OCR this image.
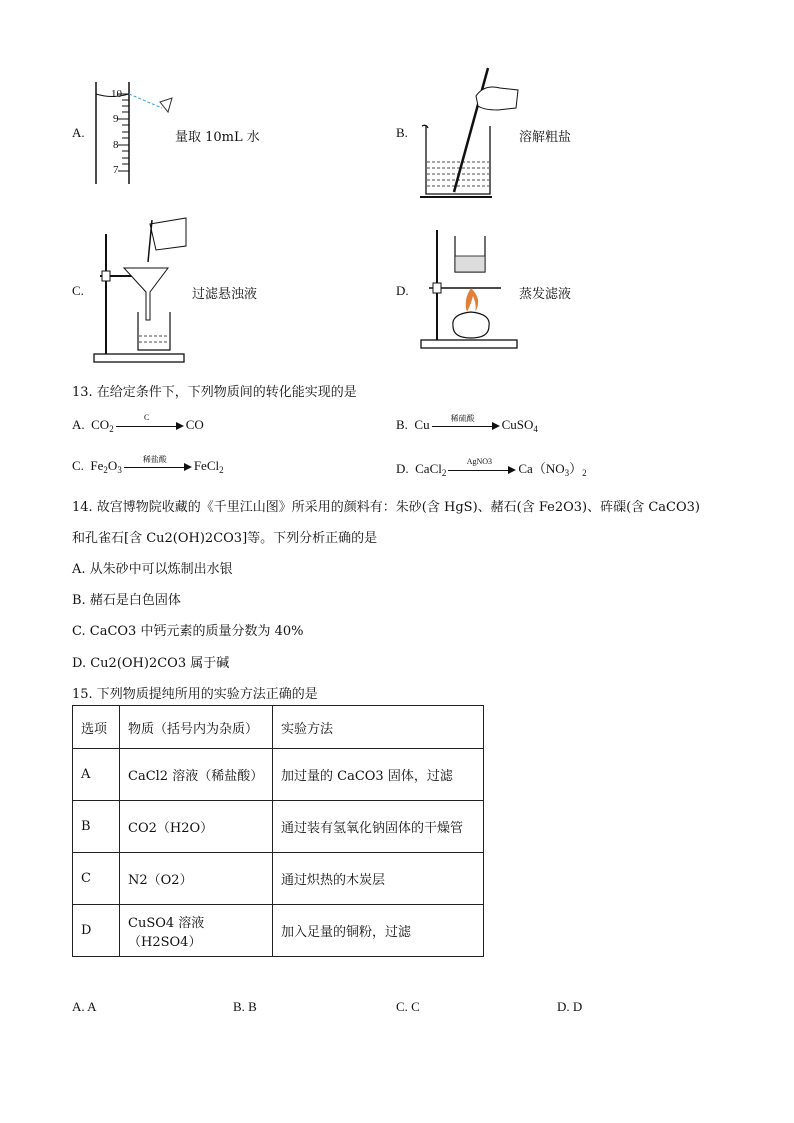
A.
10
9
8
7
量取 10mL 水	B.	溶解粗盐
C.	过滤悬浊液	D.	蒸发滤液
13. 在给定条件下，下列物质间的转化能实现的是
A.  $CO_2$
C	CO	B.  Cu	稀硫酸	CuSO$_4$
C.  $Fe_2O_3$
稀盐酸	FeCl$_2$	D.  CaCl$_2$
AgNO3	$Ca(NO_3)_2$
14. 故宫博物院收藏的《千里江山图》所采用的颜料有：朱砂(含 HgS)、赭石(含 Fe2O3)、砗磲(含 CaCO3)
和孔雀石[含 Cu2(OH)2CO3]等。下列分析正确的是
A. 从朱砂中可以炼制出水银
B. 赭石是白色固体
C. CaCO3 中钙元素的质量分数为 40%
D. Cu2(OH)2CO3 属于碱
15. 下列物质提纯所用的实验方法正确的是
选项	物质（括号内为杂质）	实验方法
A	CaCl2 溶液（稀盐酸）	加过量的 CaCO3 固体，过滤
B	CO2（H2O）	通过装有氢氧化钠固体的干燥管
C	N2（O2）	通过炽热的木炭层
D	CuSO4 溶液（H2SO4）	加入足量的铜粉，过滤
A. A	B. B	C. C	D. D
